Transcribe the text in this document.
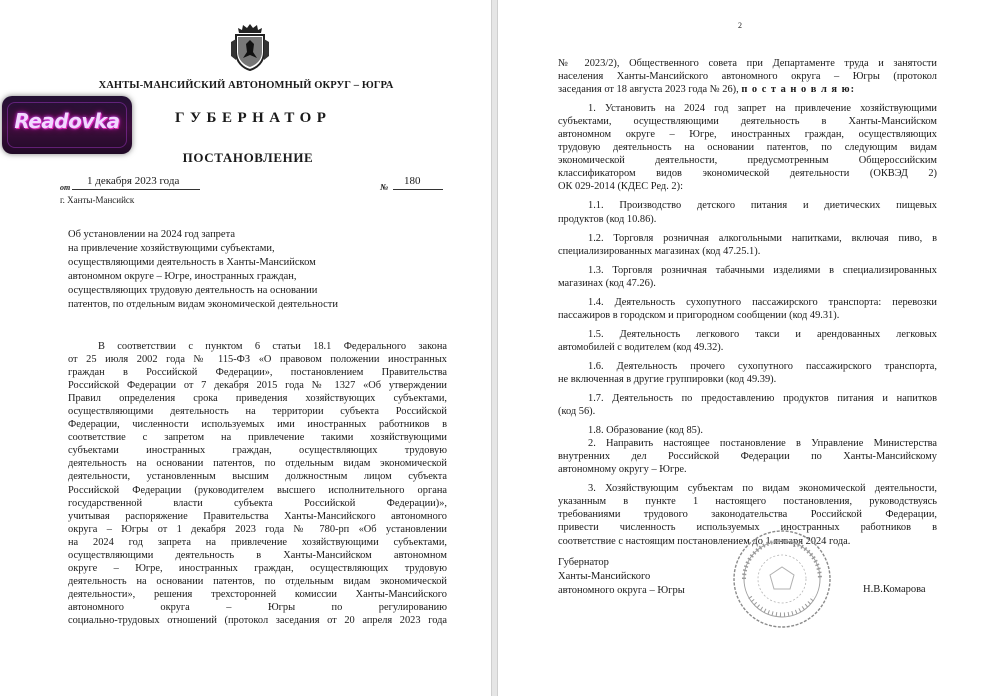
ХАНТЫ-МАНСИЙСКИЙ АВТОНОМНЫЙ ОКРУГ – ЮГРА
ГУБЕРНАТОР
ПОСТАНОВЛЕНИЕ
от
1 декабря 2023 года	№ 180
г. Ханты-Мансийск
Об установлении на 2024 год запрета
на привлечение хозяйствующими субъектами,
осуществляющими деятельность в Ханты-Мансийском
автономном округе – Югре, иностранных граждан,
осуществляющих трудовую деятельность на основании
патентов, по отдельным видам экономической деятельности
В соответствии с пунктом 6 статьи 18.1 Федерального закона
от 25 июля 2002 года № 115-ФЗ «О правовом положении иностранных
граждан в Российской Федерации», постановлением Правительства
Российской Федерации от 7 декабря 2015 года № 1327 «Об утверждении
Правил определения срока приведения хозяйствующих субъектами,
осуществляющими деятельность на территории субъекта Российской
Федерации, численности используемых ими иностранных работников в
соответствие с запретом на привлечение такими хозяйствующими
субъектами иностранных граждан, осуществляющих трудовую
деятельность на основании патентов, по отдельным видам экономической
деятельности, установленным высшим должностным лицом субъекта
Российской Федерации (руководителем высшего исполнительного органа
государственной власти субъекта Российской Федерации)»,
учитывая распоряжение Правительства Ханты-Мансийского автономного
округа – Югры от 1 декабря 2023 года № 780-рп «Об установлении
на 2024 год запрета на привлечение хозяйствующими субъектами,
осуществляющими деятельность в Ханты-Мансийском автономном
округе – Югре, иностранных граждан, осуществляющих трудовую
деятельность на основании патентов, по отдельным видам экономической
деятельности», решения трехсторонней комиссии Ханты-Мансийского
автономного округа – Югры по регулированию
социально-трудовых отношений (протокол заседания от 20 апреля 2023 года
Readovka
2
№ 2023/2), Общественного совета при Департаменте труда и занятости
населения Ханты-Мансийского автономного округа – Югры (протокол
заседания от 18 августа 2023 года № 26), п о с т а н о в л я ю:
1. Установить на 2024 год запрет на привлечение хозяйствующими
субъектами, осуществляющими деятельность в Ханты-Мансийском
автономном округе – Югре, иностранных граждан, осуществляющих
трудовую деятельность на основании патентов, по следующим видам
экономической деятельности, предусмотренным Общероссийским
классификатором видов экономической деятельности (ОКВЭД 2)
ОК 029-2014 (КДЕС Ред. 2):
1.1. Производство детского питания и диетических пищевых
продуктов (код 10.86).
1.2. Торговля розничная алкогольными напитками, включая пиво, в
специализированных магазинах (код 47.25.1).
1.3. Торговля розничная табачными изделиями в специализированных
магазинах (код 47.26).
1.4. Деятельность сухопутного пассажирского транспорта: перевозки
пассажиров в городском и пригородном сообщении (код 49.31).
1.5. Деятельность легкового такси и арендованных легковых
автомобилей с водителем (код 49.32).
1.6. Деятельность прочего сухопутного пассажирского транспорта,
не включенная в другие группировки (код 49.39).
1.7. Деятельность по предоставлению продуктов питания и напитков
(код 56).
1.8. Образование (код 85).
2. Направить настоящее постановление в Управление Министерства
внутренних дел Российской Федерации по Ханты-Мансийскому
автономному округу – Югре.
3. Хозяйствующим субъектам по видам экономической деятельности,
указанным в пункте 1 настоящего постановления, руководствуясь
требованиями трудового законодательства Российской Федерации,
привести численность используемых иностранных работников в
соответствие с настоящим постановлением до 1 января 2024 года.
Губернатор
Ханты-Мансийского
автономного округа – Югры	Н.В.Комарова
